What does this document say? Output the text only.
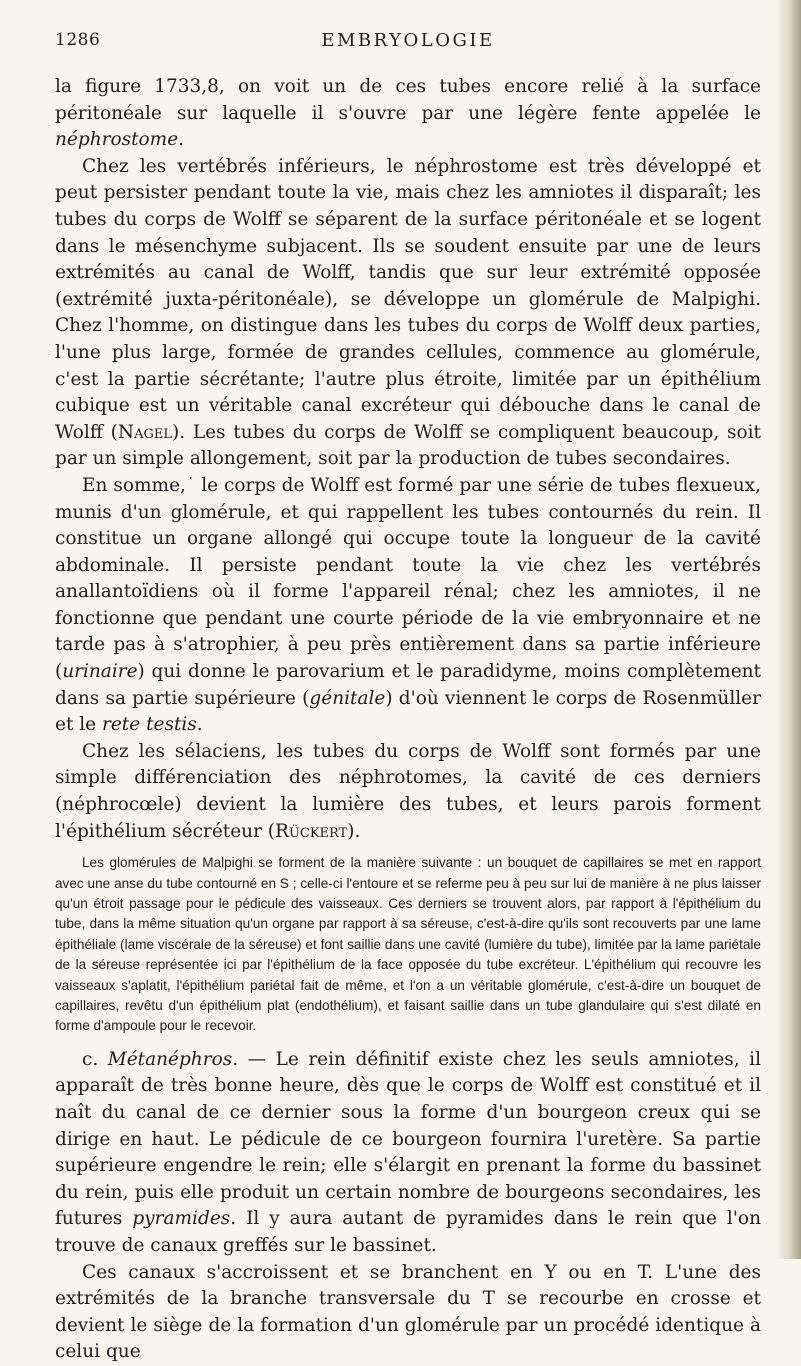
1286	EMBRYOLOGIE

la figure 1733,8, on voit un de ces tubes encore relié à la surface péritonéale sur laquelle il s'ouvre par une légère fente appelée le néphrostome.

Chez les vertébrés inférieurs, le néphrostome est très développé et peut persister pendant toute la vie, mais chez les amniotes il disparaît; les tubes du corps de Wolff se séparent de la surface péritonéale et se logent dans le mésenchyme subjacent. Ils se soudent ensuite par une de leurs extrémités au canal de Wolff, tandis que sur leur extrémité opposée (extrémité juxta-péritonéale), se développe un glomérule de Malpighi. Chez l'homme, on distingue dans les tubes du corps de Wolff deux parties, l'une plus large, formée de grandes cellules, commence au glomérule, c'est la partie sécrétante; l'autre plus étroite, limitée par un épithélium cubique est un véritable canal excréteur qui débouche dans le canal de Wolff (Nagel). Les tubes du corps de Wolff se compliquent beaucoup, soit par un simple allongement, soit par la production de tubes secondaires.

En somme,˙ le corps de Wolff est formé par une série de tubes flexueux, munis d'un glomérule, et qui rappellent les tubes contournés du rein. Il constitue un organe allongé qui occupe toute la longueur de la cavité abdominale. Il persiste pendant toute la vie chez les vertébrés anallantoïdiens où il forme l'appareil rénal; chez les amniotes, il ne fonctionne que pendant une courte période de la vie embryonnaire et ne tarde pas à s'atrophier, à peu près entièrement dans sa partie inférieure (urinaire) qui donne le parovarium et le paradidyme, moins complètement dans sa partie supérieure (génitale) d'où viennent le corps de Rosenmüller et le rete testis.

Chez les sélaciens, les tubes du corps de Wolff sont formés par une simple différenciation des néphrotomes, la cavité de ces derniers (néphrocœle) devient la lumière des tubes, et leurs parois forment l'épithélium sécréteur (Rückert).

Les glomérules de Malpighi se forment de la manière suivante : un bouquet de capillaires se met en rapport avec une anse du tube contourné en S ; celle-ci l'entoure et se referme peu à peu sur lui de manière à ne plus laisser qu'un étroit passage pour le pédicule des vaisseaux. Ces derniers se trouvent alors, par rapport à l'épithélium du tube, dans la même situation qu'un organe par rapport à sa séreuse, c'est-à-dire qu'ils sont recouverts par une lame épithéliale (lame viscérale de la séreuse) et font saillie dans une cavité (lumière du tube), limitée par la lame pariétale de la séreuse représentée ici par l'épithélium de la face opposée du tube excréteur. L'épithélium qui recouvre les vaisseaux s'aplatit, l'épithélium pariétal fait de même, et l'on a un véritable glomérule, c'est-à-dire un bouquet de capillaires, revêtu d'un épithélium plat (endothélium), et faisant saillie dans un tube glandulaire qui s'est dilaté en forme d'ampoule pour le recevoir.

c. Métanéphros. — Le rein définitif existe chez les seuls amniotes, il apparaît de très bonne heure, dès que le corps de Wolff est constitué et il naît du canal de ce dernier sous la forme d'un bourgeon creux qui se dirige en haut. Le pédicule de ce bourgeon fournira l'uretère. Sa partie supérieure engendre le rein; elle s'élargit en prenant la forme du bassinet du rein, puis elle produit un certain nombre de bourgeons secondaires, les futures pyramides. Il y aura autant de pyramides dans le rein que l'on trouve de canaux greffés sur le bassinet.

Ces canaux s'accroissent et se branchent en Y ou en T. L'une des extrémités de la branche transversale du T se recourbe en crosse et devient le siège de la formation d'un glomérule par un procédé identique à celui que
